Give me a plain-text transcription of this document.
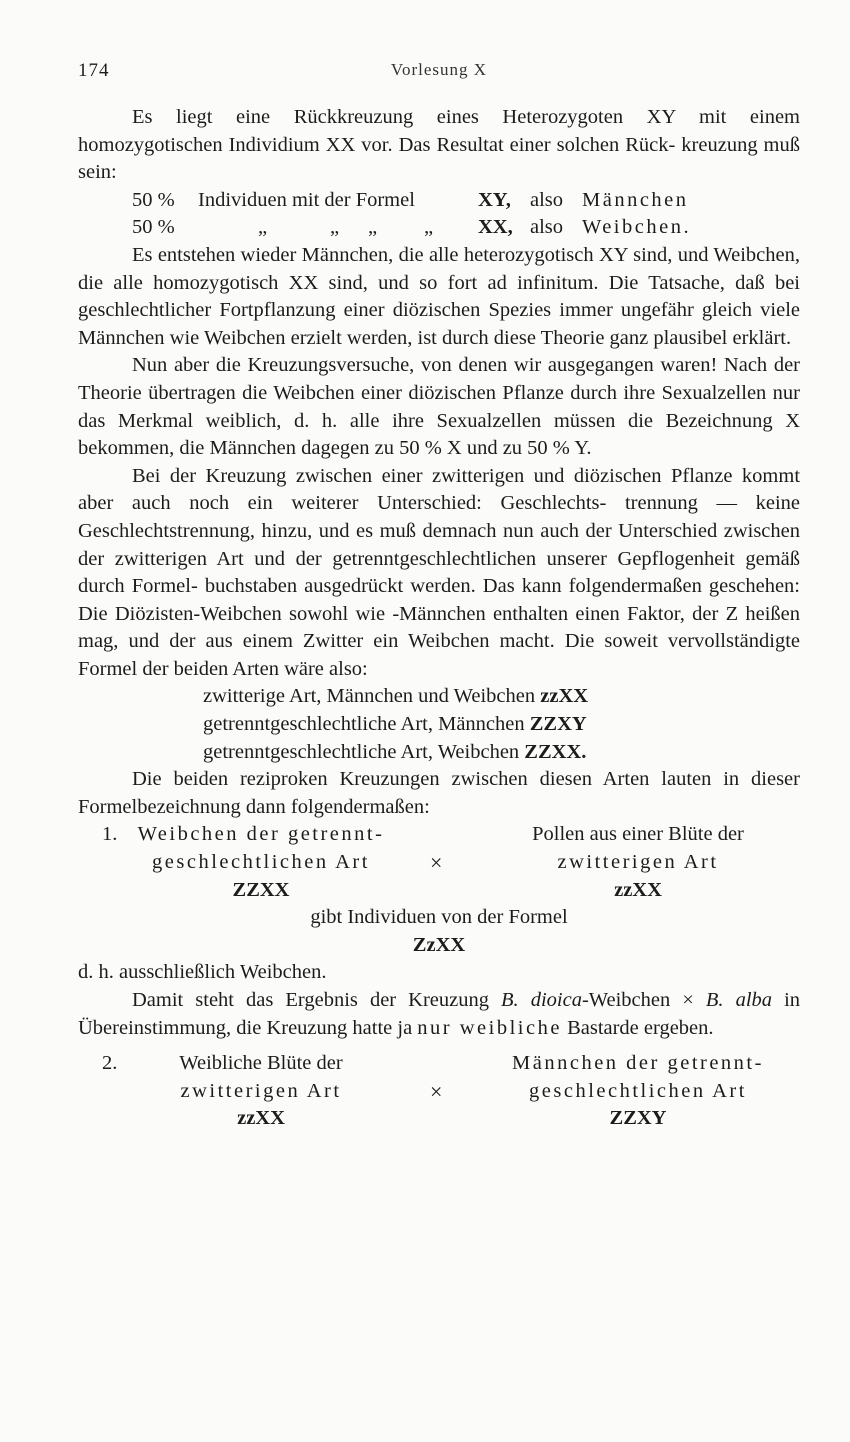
174	Vorlesung X

Es liegt eine Rückkreuzung eines Heterozygoten XY mit einem homozygotischen Individium XX vor. Das Resultat einer solchen Rück- kreuzung muß sein:

50 % Individuen mit der Formel	XY, also Männchen
50 %	„	„ „ „ XX, also Weibchen.

Es entstehen wieder Männchen, die alle heterozygotisch XY sind, und Weibchen, die alle homozygotisch XX sind, und so fort ad infinitum. Die Tatsache, daß bei geschlechtlicher Fortpflanzung einer diözischen Spezies immer ungefähr gleich viele Männchen wie Weibchen erzielt werden, ist durch diese Theorie ganz plausibel erklärt.

Nun aber die Kreuzungsversuche, von denen wir ausgegangen waren! Nach der Theorie übertragen die Weibchen einer diözischen Pflanze durch ihre Sexualzellen nur das Merkmal weiblich, d. h. alle ihre Sexualzellen müssen die Bezeichnung X bekommen, die Männchen dagegen zu 50 % X und zu 50 % Y.

Bei der Kreuzung zwischen einer zwitterigen und diözischen Pflanze kommt aber auch noch ein weiterer Unterschied: Geschlechts- trennung — keine Geschlechtstrennung, hinzu, und es muß demnach nun auch der Unterschied zwischen der zwitterigen Art und der getrenntgeschlechtlichen unserer Gepflogenheit gemäß durch Formel- buchstaben ausgedrückt werden. Das kann folgendermaßen geschehen: Die Diözisten-Weibchen sowohl wie -Männchen enthalten einen Faktor, der Z heißen mag, und der aus einem Zwitter ein Weibchen macht. Die soweit vervollständigte Formel der beiden Arten wäre also:

zwitterige Art, Männchen und Weibchen zzXX
getrenntgeschlechtliche Art, Männchen ZZXY
getrenntgeschlechtliche Art, Weibchen ZZXX.

Die beiden reziproken Kreuzungen zwischen diesen Arten lauten in dieser Formelbezeichnung dann folgendermaßen:

1. Weibchen der getrennt-
geschlechtlichen Art
ZZXX
×
Pollen aus einer Blüte der
zwitterigen Art
zzXX
gibt Individuen von der Formel
ZzXX

d. h. ausschließlich Weibchen.

Damit steht das Ergebnis der Kreuzung B. dioica-Weibchen × B. alba in Übereinstimmung, die Kreuzung hatte ja nur weibliche Bastarde ergeben.

2.	Weibliche Blüte der
zwitterigen Art
zzXX
×
Männchen der getrennt-
geschlechtlichen Art
ZZXY
